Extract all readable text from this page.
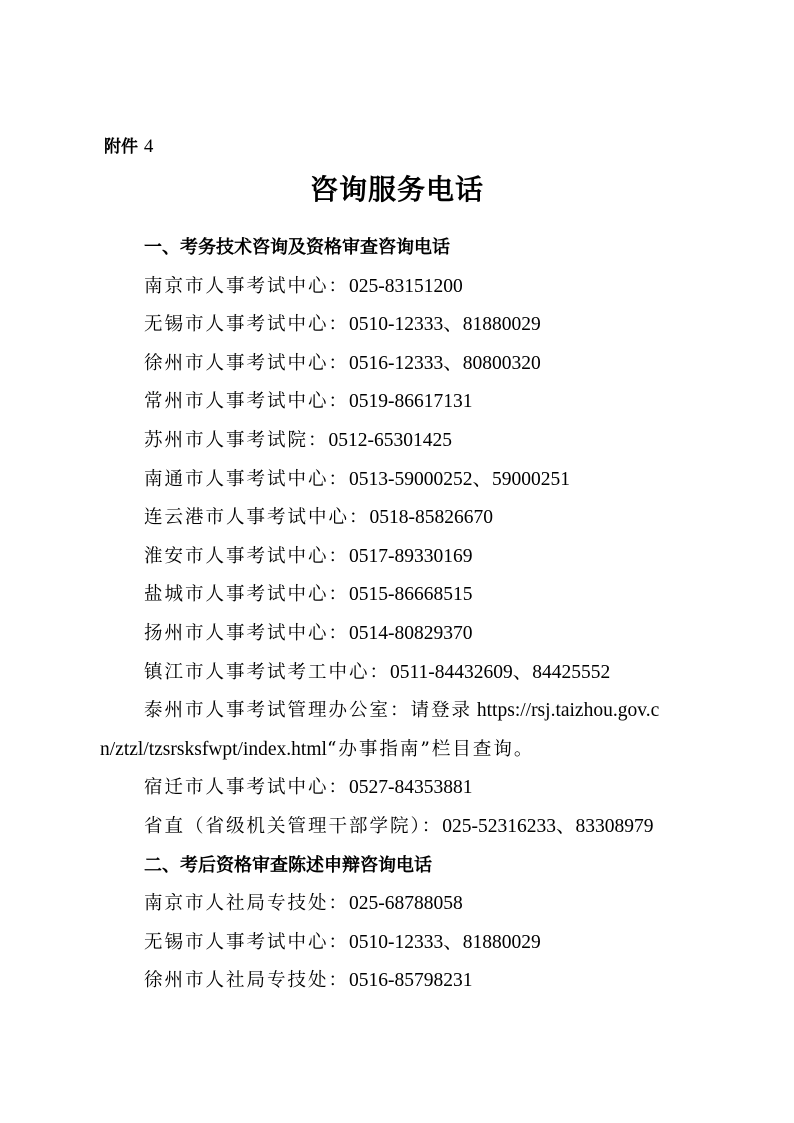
附件 4

咨询服务电话
一、考务技术咨询及资格审查咨询电话
南京市人事考试中心：025-83151200
无锡市人事考试中心：0510-12333、81880029
徐州市人事考试中心：0516-12333、80800320
常州市人事考试中心：0519-86617131
苏州市人事考试院：0512-65301425
南通市人事考试中心：0513-59000252、59000251
连云港市人事考试中心：0518-85826670
淮安市人事考试中心：0517-89330169
盐城市人事考试中心：0515-86668515
扬州市人事考试中心：0514-80829370
镇江市人事考试考工中心：0511-84432609、84425552
泰州市人事考试管理办公室：请登录 https://rsj.taizhou.gov.c
n/ztzl/tzsrsksfwpt/index.html“办事指南”栏目查询。
宿迁市人事考试中心：0527-84353881
省直（省级机关管理干部学院）：025-52316233、83308979
二、考后资格审查陈述申辩咨询电话
南京市人社局专技处：025-68788058
无锡市人事考试中心：0510-12333、81880029
徐州市人社局专技处：0516-85798231
